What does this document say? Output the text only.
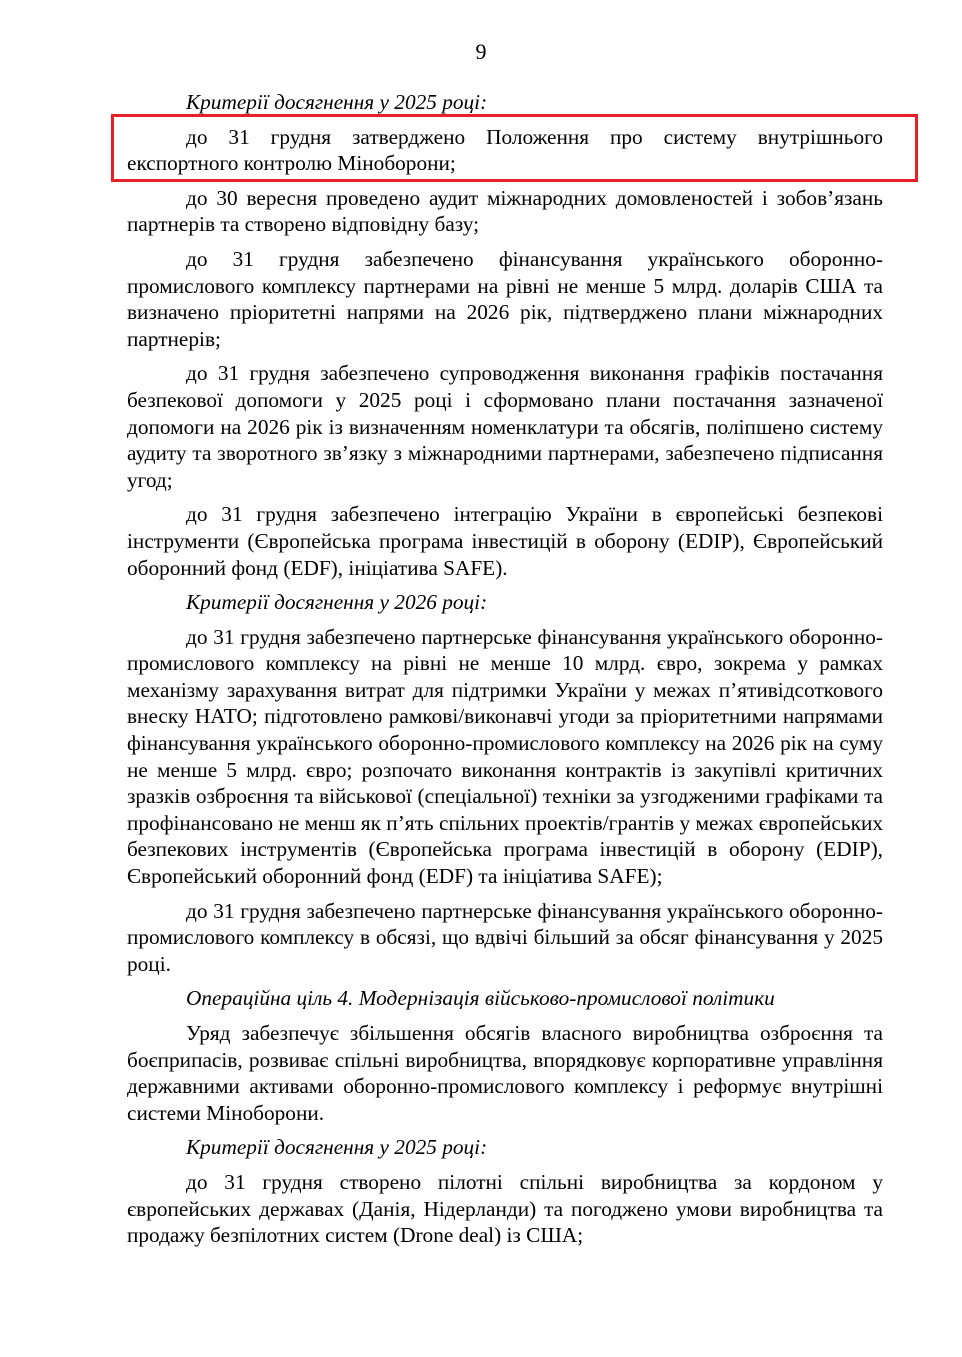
9

Критерії досягнення у 2025 році:

до 31 грудня затверджено Положення про систему внутрішнього експортного контролю Міноборони;

до 30 вересня проведено аудит міжнародних домовленостей і зобов’язань партнерів та створено відповідну базу;

до 31 грудня забезпечено фінансування українського оборонно-промислового комплексу партнерами на рівні не менше 5 млрд. доларів США та визначено пріоритетні напрями на 2026 рік, підтверджено плани міжнародних партнерів;

до 31 грудня забезпечено супроводження виконання графіків постачання безпекової допомоги у 2025 році і сформовано плани постачання зазначеної допомоги на 2026 рік із визначенням номенклатури та обсягів, поліпшено систему аудиту та зворотного зв’язку з міжнародними партнерами, забезпечено підписання угод;

до 31 грудня забезпечено інтеграцію України в європейські безпекові інструменти (Європейська програма інвестицій в оборону (EDIP), Європейський оборонний фонд (EDF), ініціатива SAFE).

Критерії досягнення у 2026 році:

до 31 грудня забезпечено партнерське фінансування українського оборонно-промислового комплексу на рівні не менше 10 млрд. євро, зокрема у рамках механізму зарахування витрат для підтримки України у межах п’ятивідсоткового внеску НАТО; підготовлено рамкові/виконавчі угоди за пріоритетними напрямами фінансування українського оборонно-промислового комплексу на 2026 рік на суму не менше 5 млрд. євро; розпочато виконання контрактів із закупівлі критичних зразків озброєння та військової (спеціальної) техніки за узгодженими графіками та профінансовано не менш як п’ять спільних проектів/грантів у межах європейських безпекових інструментів (Європейська програма інвестицій в оборону (EDIP), Європейський оборонний фонд (EDF) та ініціатива SAFE);

до 31 грудня забезпечено партнерське фінансування українського оборонно-промислового комплексу в обсязі, що вдвічі більший за обсяг фінансування у 2025 році.

Операційна ціль 4. Модернізація військово-промислової політики

Уряд забезпечує збільшення обсягів власного виробництва озброєння та боєприпасів, розвиває спільні виробництва, впорядковує корпоративне управління державними активами оборонно-промислового комплексу і реформує внутрішні системи Міноборони.

Критерії досягнення у 2025 році:

до 31 грудня створено пілотні спільні виробництва за кордоном у європейських державах (Данія, Нідерланди) та погоджено умови виробництва та продажу безпілотних систем (Drone deal) із США;
